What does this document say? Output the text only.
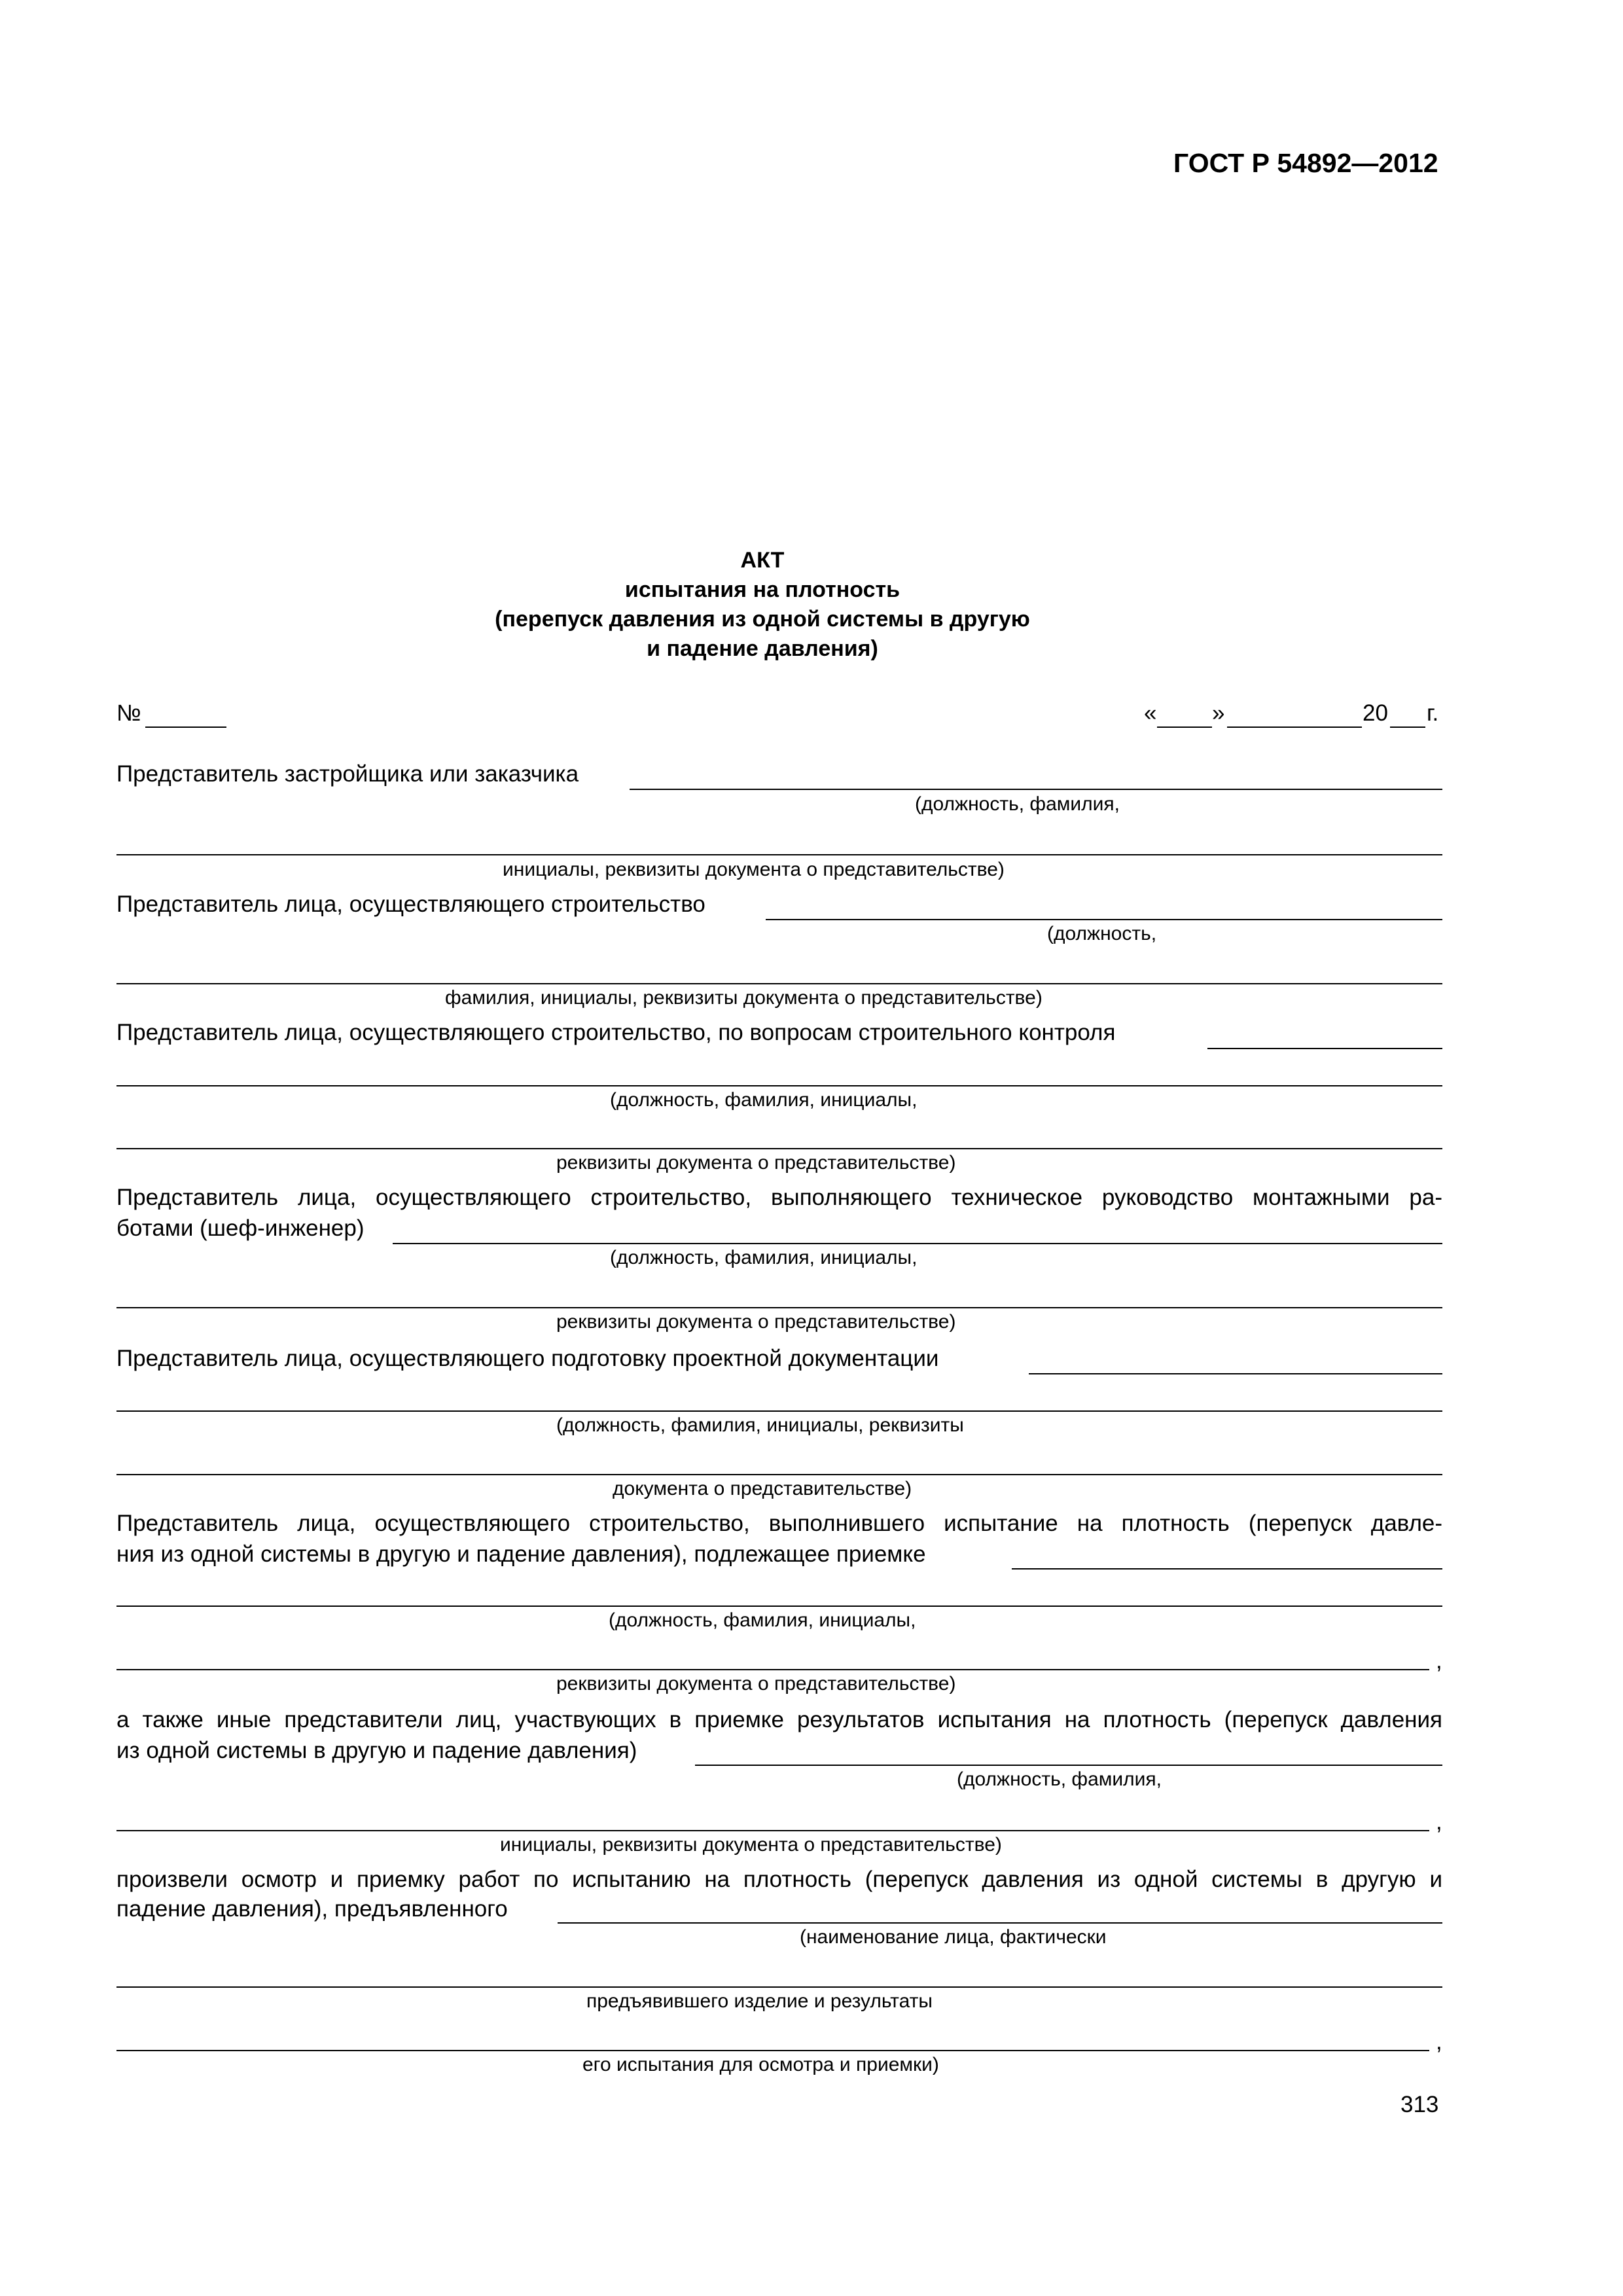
ГОСТ Р 54892—2012
АКТ
испытания на плотность
(перепуск давления из одной системы в другую
и падение давления)
№	« »	20 г.
Представитель застройщика или заказчика
(должность, фамилия,
инициалы, реквизиты документа о представительстве)
Представитель лица, осуществляющего строительство
(должность,
фамилия, инициалы, реквизиты документа о представительстве)
Представитель лица, осуществляющего строительство, по вопросам строительного контроля
(должность, фамилия, инициалы,
реквизиты документа о представительстве)
Представитель лица, осуществляющего строительство, выполняющего техническое руководство монтажными ра-
ботами (шеф-инженер)
(должность, фамилия, инициалы,
реквизиты документа о представительстве)
Представитель лица, осуществляющего подготовку проектной документации
(должность, фамилия, инициалы, реквизиты
документа о представительстве)
Представитель лица, осуществляющего строительство, выполнившего испытание на плотность (перепуск давле-
ния из одной системы в другую и падение давления), подлежащее приемке
(должность, фамилия, инициалы,
,
реквизиты документа о представительстве)
а также иные представители лиц, участвующих в приемке результатов испытания на плотность (перепуск давления
из одной системы в другую и падение давления)
(должность, фамилия,
,
инициалы, реквизиты документа о представительстве)
произвели осмотр и приемку работ по испытанию на плотность (перепуск давления из одной системы в другую и
падение давления), предъявленного
(наименование лица, фактически
предъявившего изделие и результаты
,
его испытания для осмотра и приемки)
313
